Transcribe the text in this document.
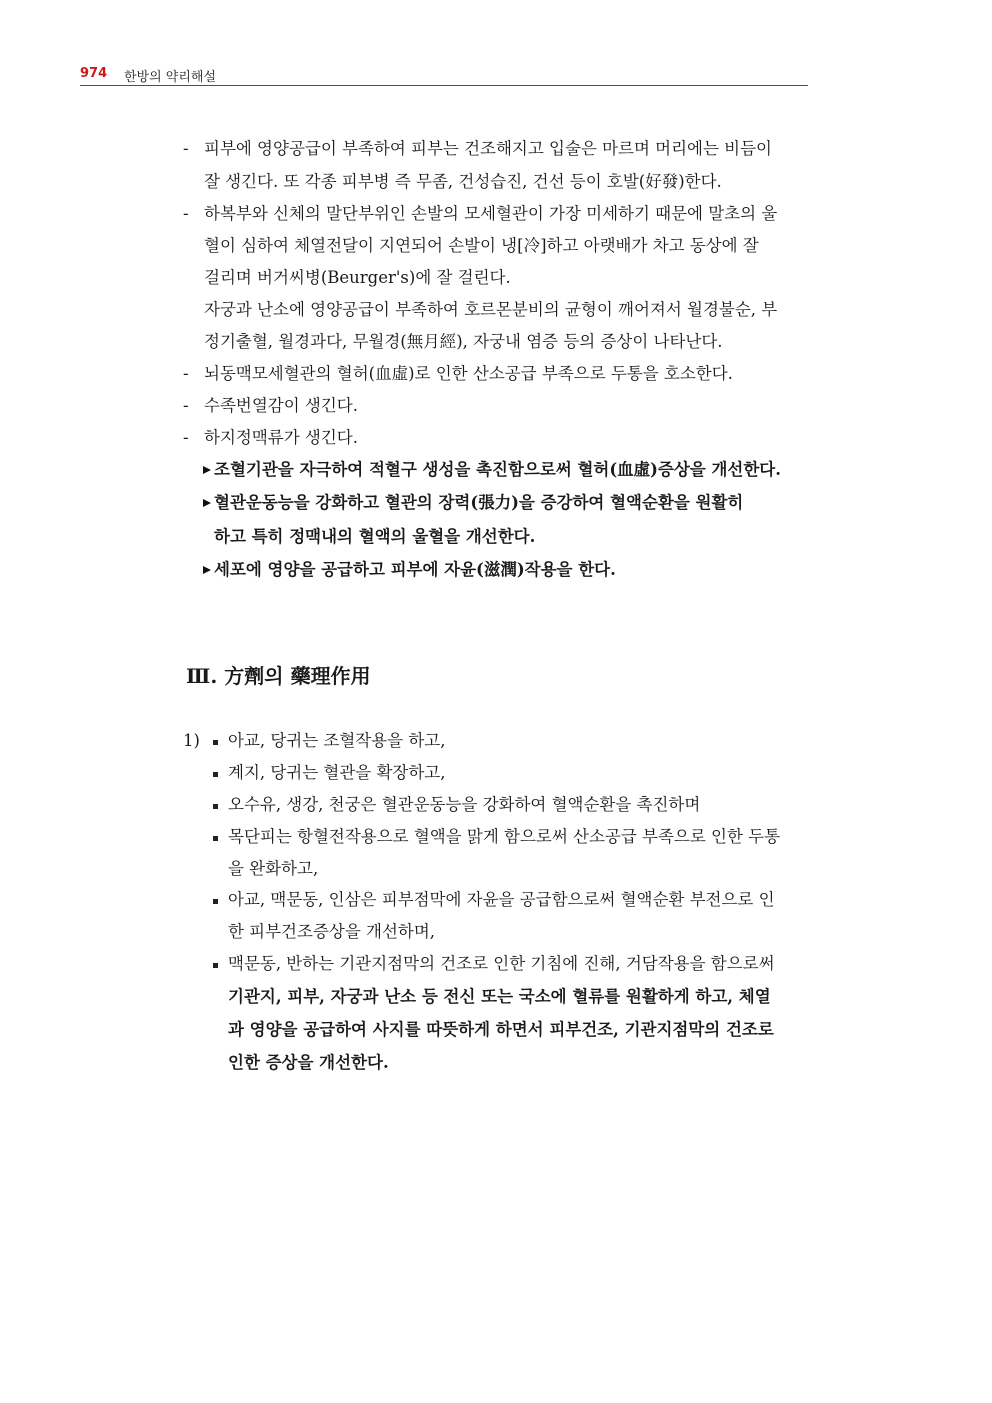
974 한방의 약리해설
- 피부에 영양공급이 부족하여 피부는 건조해지고 입술은 마르며 머리에는 비듬이
잘 생긴다. 또 각종 피부병 즉 무좀, 건성습진, 건선 등이 호발(好發)한다.
- 하복부와 신체의 말단부위인 손발의 모세혈관이 가장 미세하기 때문에 말초의 울
혈이 심하여 체열전달이 지연되어 손발이 냉[冷]하고 아랫배가 차고 동상에 잘
걸리며 버거씨병(Beurger's)에 잘 걸린다.
자궁과 난소에 영양공급이 부족하여 호르몬분비의 균형이 깨어져서 월경불순, 부
정기출혈, 월경과다, 무월경(無月經), 자궁내 염증 등의 증상이 나타난다.
- 뇌동맥모세혈관의 혈허(血虛)로 인한 산소공급 부족으로 두통을 호소한다.
- 수족번열감이 생긴다.
- 하지정맥류가 생긴다.
조혈기관을 자극하여 적혈구 생성을 촉진함으로써 혈허(血虛)증상을 개선한다.
혈관운동능을 강화하고 혈관의 장력(張力)을 증강하여 혈액순환을 원활히
하고 특히 정맥내의 혈액의 울혈을 개선한다.
세포에 영양을 공급하고 피부에 자윤(滋潤)작용을 한다.
Ⅲ. 方劑의 藥理作用
1) 아교, 당귀는 조혈작용을 하고,
계지, 당귀는 혈관을 확장하고,
오수유, 생강, 천궁은 혈관운동능을 강화하여 혈액순환을 촉진하며
목단피는 항혈전작용으로 혈액을 맑게 함으로써 산소공급 부족으로 인한 두통
을 완화하고,
아교, 맥문동, 인삼은 피부점막에 자윤을 공급함으로써 혈액순환 부전으로 인
한 피부건조증상을 개선하며,
맥문동, 반하는 기관지점막의 건조로 인한 기침에 진해, 거담작용을 함으로써
기관지, 피부, 자궁과 난소 등 전신 또는 국소에 혈류를 원활하게 하고, 체열
과 영양을 공급하여 사지를 따뜻하게 하면서 피부건조, 기관지점막의 건조로
인한 증상을 개선한다.
